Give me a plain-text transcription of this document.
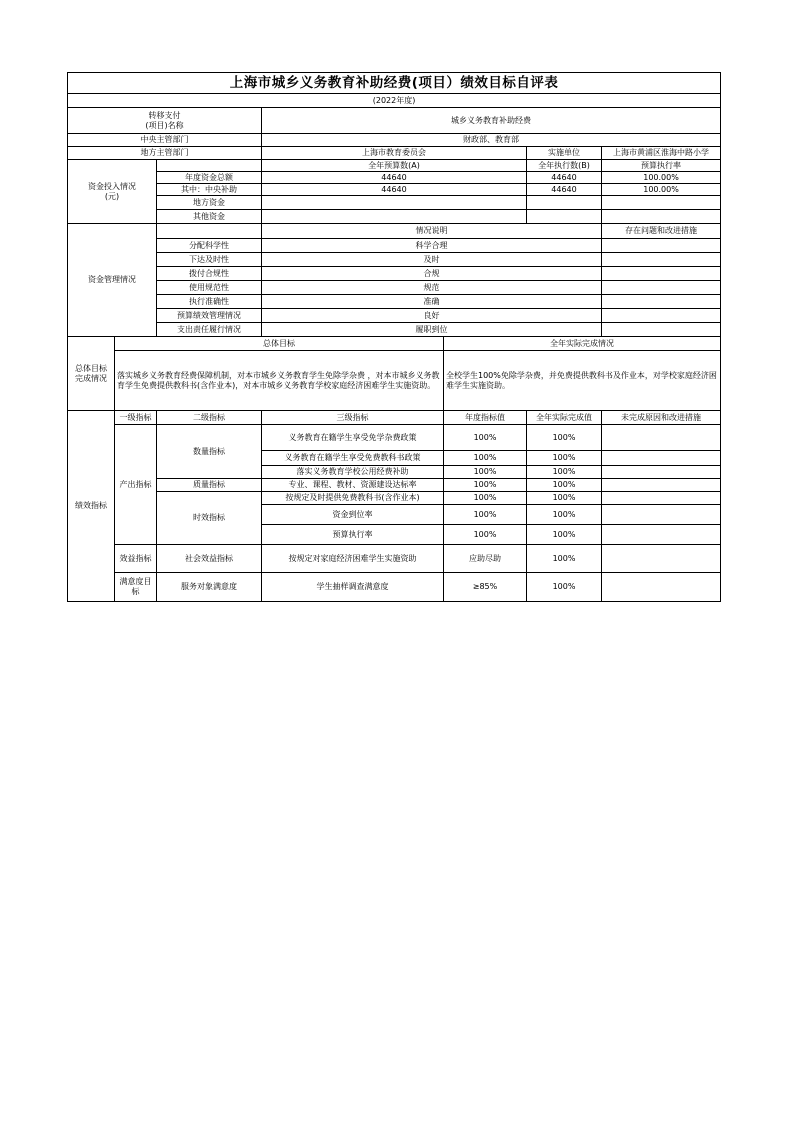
上海市城乡义务教育补助经费(项目）绩效目标自评表						
(2022年度)						

转移支付
(项目)名称			城乡义务教育补助经费			
中央主管部门			财政部、教育部			
地方主管部门			上海市教育委员会		实施单位	上海市黄浦区淮海中路小学

资金投入情况
(元)			全年预算数(A)		全年执行数(B)	预算执行率
		年度资金总额	44640		44640	100.00%
		其中：中央补助	44640		44640	100.00%
		地方资金				
		其他资金				
资金管理情况			情况说明			存在问题和改进措施
		分配科学性	科学合理			
		下达及时性	及时			
		拨付合规性	合规			
		使用规范性	规范			
		执行准确性	准确			
		预算绩效管理情况	良好			
		支出责任履行情况	履职到位			

总体目标
完成情况	总体目标			全年实际完成情况		
	落实城乡义务教育经费保障机制，对本市城乡义务教育学生免除学杂费 ，对本市城乡义务教育学生免费提供教科书(含作业本)，对本市城乡义务教育学校家庭经济困难学生实施资助。			全校学生100%免除学杂费，并免费提供教科书及作业本，对学校家庭经济困难学生实施资助。		
绩效指标	一级指标	二级指标	三级指标	年度指标值	全年实际完成值	未完成原因和改进措施
	产出指标	数量指标	义务教育在籍学生享受免学杂费政策	100%	100%	
			义务教育在籍学生享受免费教科书政策	100%	100%	
			落实义务教育学校公用经费补助	100%	100%	
		质量指标	专业、课程、教材、资源建设达标率	100%	100%	
		时效指标	按规定及时提供免费教科书(含作业本)	100%	100%	
			资金到位率	100%	100%	
			预算执行率	100%	100%	
	效益指标	社会效益指标	按规定对家庭经济困难学生实施资助	应助尽助	100%	

	满意度目
标	服务对象满意度	学生抽样调查满意度	≥85%	100%	
